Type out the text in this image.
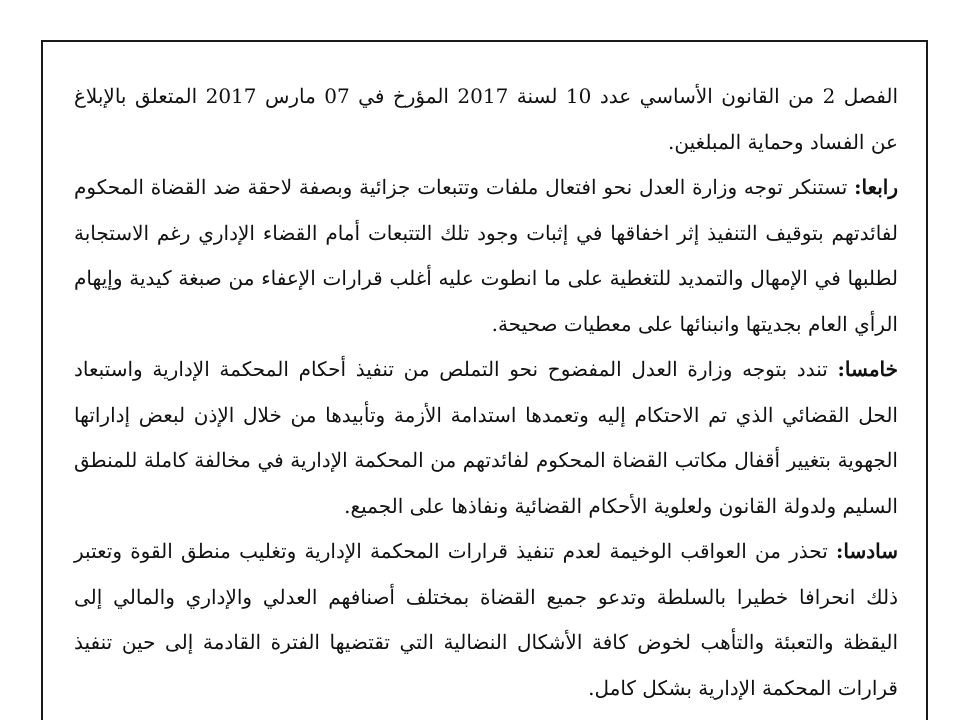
الفصل 2 من القانون الأساسي عدد 10 لسنة 2017 المؤرخ في 07 مارس 2017 المتعلق بالإبلاغ عن الفساد وحماية المبلغين.

رابعا: تستنكر توجه وزارة العدل نحو افتعال ملفات وتتبعات جزائية وبصفة لاحقة ضد القضاة المحكوم لفائدتهم بتوقيف التنفيذ إثر اخفاقها في إثبات وجود تلك التتبعات أمام القضاء الإداري رغم الاستجابة لطلبها في الإمهال والتمديد للتغطية على ما انطوت عليه أغلب قرارات الإعفاء من صبغة كيدية وإيهام الرأي العام بجديتها وانبنائها على معطيات صحيحة.

خامسا: تندد بتوجه وزارة العدل المفضوح نحو التملص من تنفيذ أحكام المحكمة الإدارية واستبعاد الحل القضائي الذي تم الاحتكام إليه وتعمدها استدامة الأزمة وتأبيدها من خلال الإذن لبعض إداراتها الجهوية بتغيير أقفال مكاتب القضاة المحكوم لفائدتهم من المحكمة الإدارية في مخالفة كاملة للمنطق السليم ولدولة القانون ولعلوية الأحكام القضائية ونفاذها على الجميع.

سادسا: تحذر من العواقب الوخيمة لعدم تنفيذ قرارات المحكمة الإدارية وتغليب منطق القوة وتعتبر ذلك انحرافا خطيرا بالسلطة وتدعو جميع القضاة بمختلف أصنافهم العدلي والإداري والمالي إلى اليقظة والتعبئة والتأهب لخوض كافة الأشكال النضالية التي تقتضيها الفترة القادمة إلى حين تنفيذ قرارات المحكمة الإدارية بشكل كامل.
